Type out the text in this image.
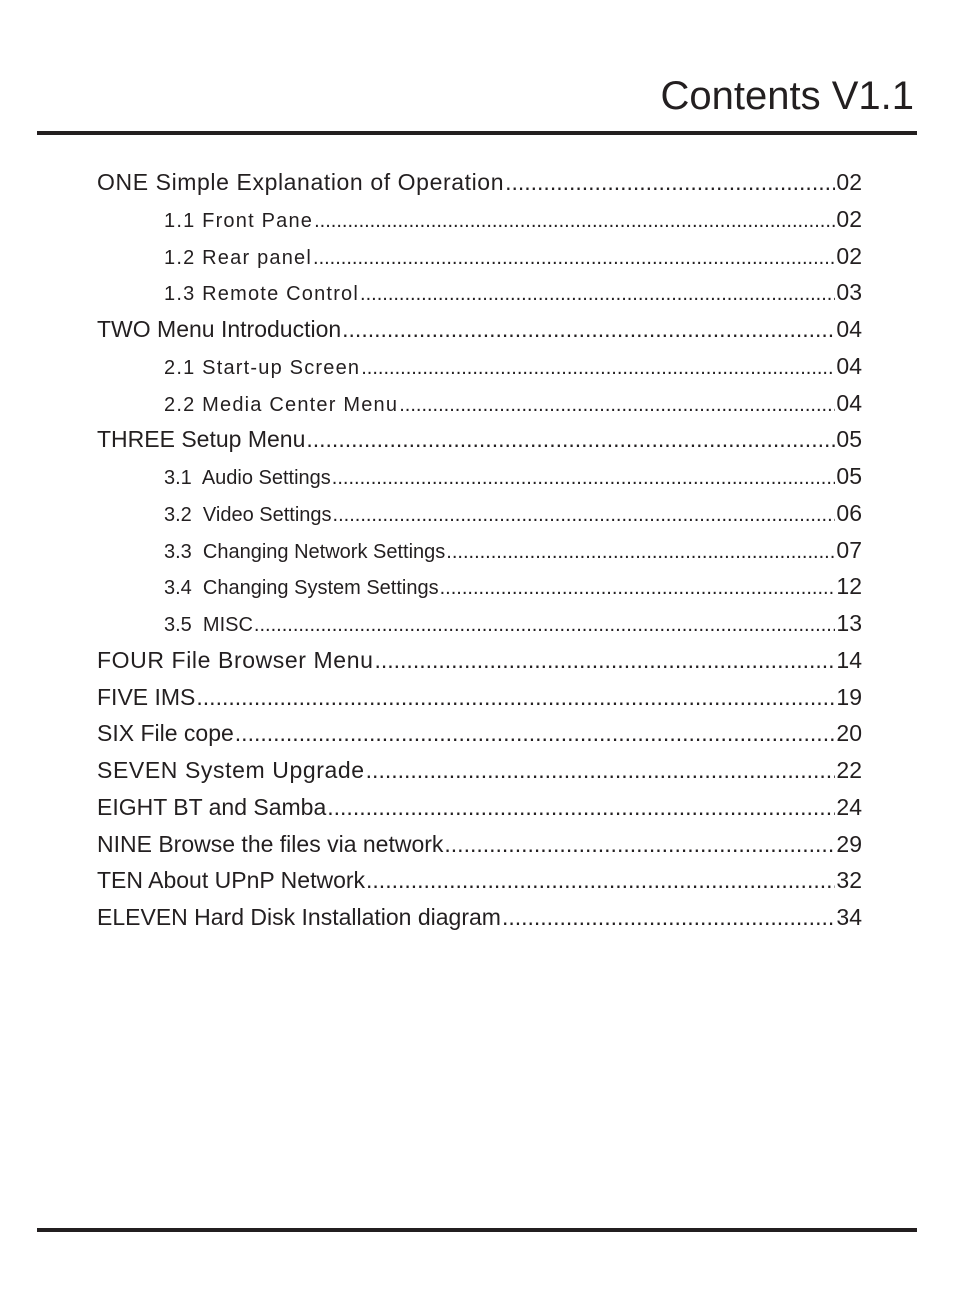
Contents V1.1
ONE Simple Explanation of Operation .....	02
1.1 Front Pane .....	02
1.2 Rear panel .....	02
1.3 Remote Control .....	03
TWO Menu Introduction .....	04
2.1 Start-up Screen .....	04
2.2 Media Center Menu .....	04
THREE Setup Menu .....	05
3.1  Audio Settings .....	05
3.2  Video Settings .....	06
3.3  Changing Network Settings .....	07
3.4  Changing System Settings .....	12
3.5  MISC .....	13
FOUR File Browser Menu .....	14
FIVE IMS .....	19
SIX File cope .....	20
SEVEN System Upgrade .....	22
EIGHT BT and Samba .....	24
NINE Browse the files via network .....	29
TEN About UPnP Network .....	32
ELEVEN Hard Disk Installation diagram .....	34
